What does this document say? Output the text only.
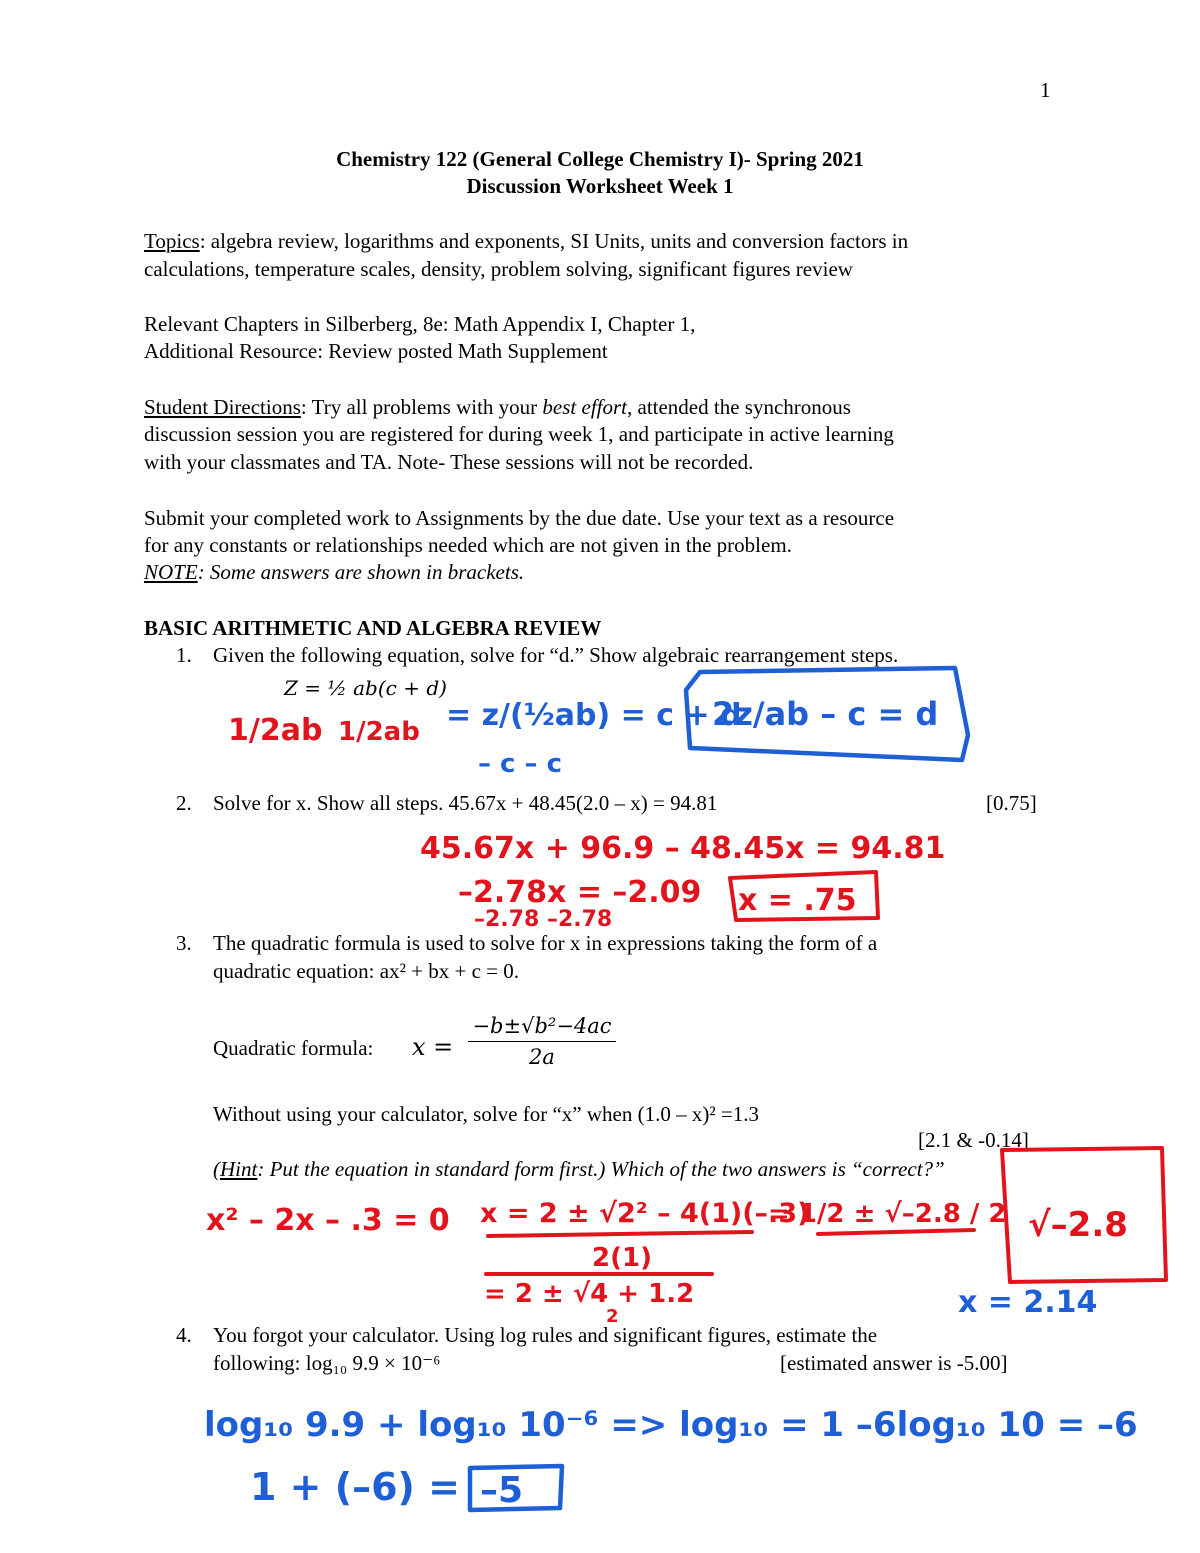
1
Chemistry 122 (General College Chemistry I)- Spring 2021
Discussion Worksheet Week 1
Topics: algebra review, logarithms and exponents, SI Units, units and conversion factors in
calculations, temperature scales, density, problem solving, significant figures review
Relevant Chapters in Silberberg, 8e: Math Appendix I, Chapter 1,
Additional Resource: Review posted Math Supplement
Student Directions: Try all problems with your best effort, attended the synchronous
discussion session you are registered for during week 1, and participate in active learning
with your classmates and TA. Note- These sessions will not be recorded.
Submit your completed work to Assignments by the due date. Use your text as a resource
for any constants or relationships needed which are not given in the problem.
NOTE: Some answers are shown in brackets.
BASIC ARITHMETIC AND ALGEBRA REVIEW
1. Given the following equation, solve for “d.” Show algebraic rearrangement steps.
Z = ½ ab(c + d)
2. Solve for x. Show all steps. 45.67x + 48.45(2.0 – x) = 94.81	[0.75]
3. The quadratic formula is used to solve for x in expressions taking the form of a
quadratic equation: ax² + bx + c = 0.
Quadratic formula: x =
−b±√b²−4ac
2a
Without using your calculator, solve for “x” when (1.0 – x)² =1.3
[2.1 & -0.14]
(Hint: Put the equation in standard form first.) Which of the two answers is “correct?”
4. You forgot your calculator. Using log rules and significant figures, estimate the
following: log₁₀ 9.9 × 10⁻⁶	[estimated answer is -5.00]
1/2ab 1/2ab = z/(½ab) = c + d
– c – c
2z/ab – c = d
45.67x + 96.9 – 48.45x = 94.81
–2.78x = –2.09
–2.78 –2.78
x = .75
x² – 2x – .3 = 0 x = 2 ± √2² – 4(1)(–.3)
2(1)
= 2 ± √4 + 1.2
2
= 1/2 ± √–2.8 / 2 √–2.8
x = 2.14
log₁₀ 9.9 + log₁₀ 10⁻⁶ => log₁₀ = 1 –6log₁₀ 10 = –6
1 + (–6) = –5
